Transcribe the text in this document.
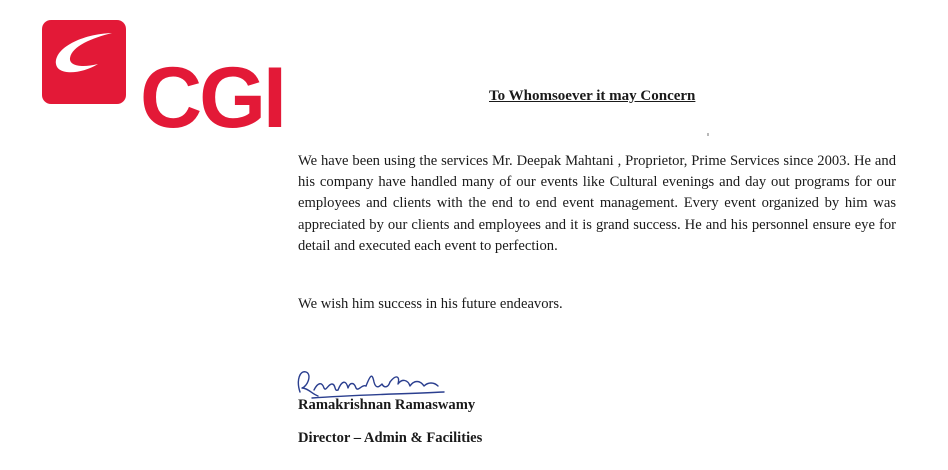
CGI	To Whomsoever it may Concern

We have been using the services Mr. Deepak Mahtani , Proprietor, Prime Services since 2003. He and his company have handled many of our events like Cultural evenings and day out programs for our employees and clients with the end to end event management. Every event organized by him was appreciated by our clients and employees and it is grand success. He and his personnel ensure eye for detail and executed each event to perfection.

We wish him success in his future endeavors.

Ramakrishnan Ramaswamy
Director – Admin & Facilities
